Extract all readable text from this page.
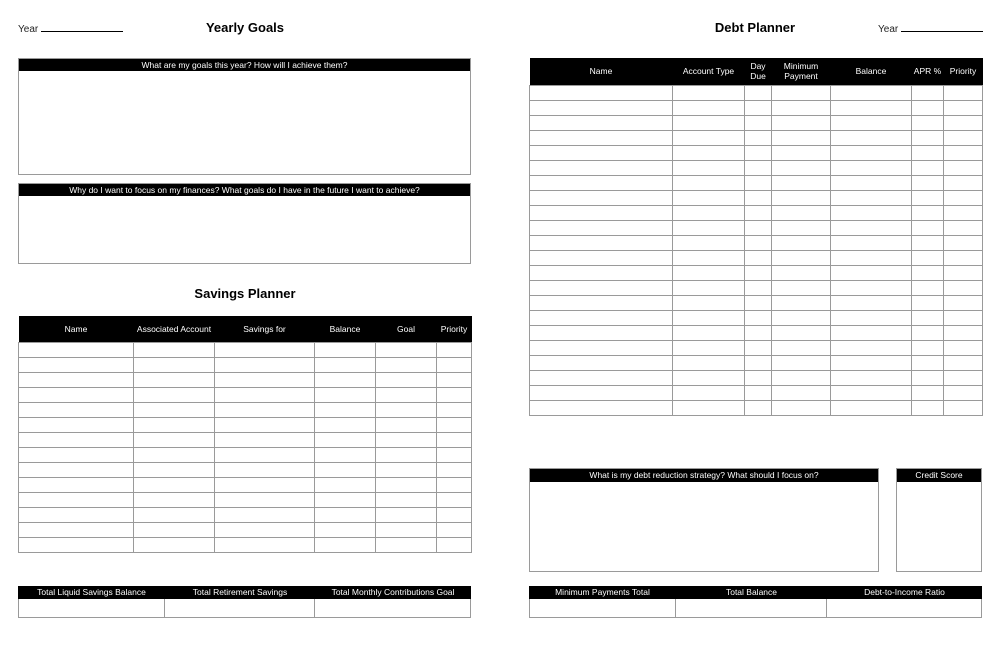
Year	Yearly Goals
What are my goals this year? How will I achieve them?
Why do I want to focus on my finances? What goals do I have in the future I want to achieve?
Savings Planner
Name	Associated Account	Savings for	Balance	Goal	Priority

Total Liquid Savings Balance	Total Retirement Savings	Total Monthly Contributions Goal
Debt Planner	Year
Name	Account Type	Day Due	Minimum Payment	Balance	APR %	Priority

What is my debt reduction strategy? What should I focus on?	Credit Score
Minimum Payments Total	Total Balance	Debt-to-Income Ratio
